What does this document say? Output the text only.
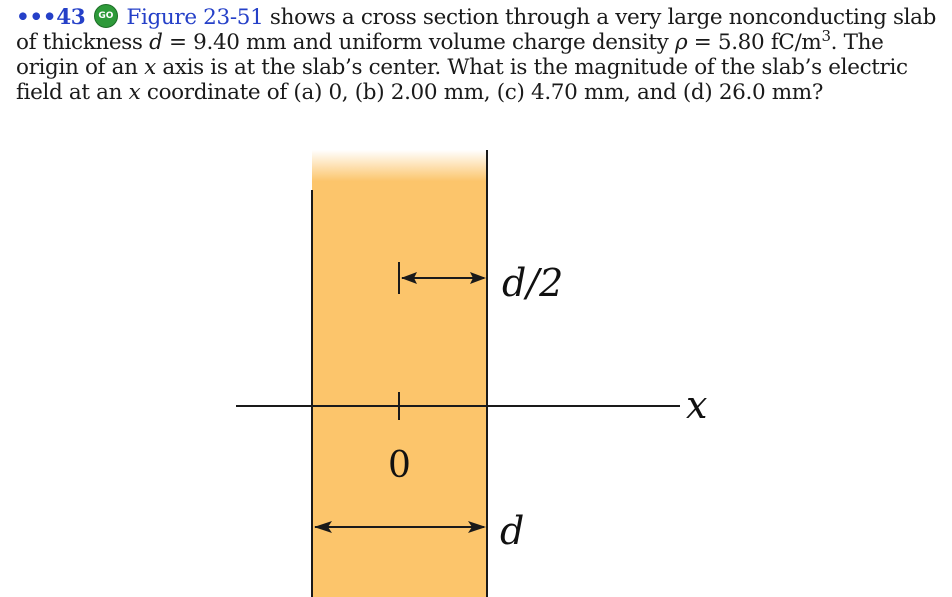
•••43 GO Figure 23-51 shows a cross section through a very large nonconducting slab of thickness d = 9.40 mm and uniform volume charge density ρ = 5.80 $fC/m^3$. The origin of an x axis is at the slab’s center. What is the magnitude of the slab’s electric field at an x coordinate of (a) 0, (b) 2.00 mm, (c) 4.70 mm, and (d) 26.0 mm?
d/2
x
0
d
